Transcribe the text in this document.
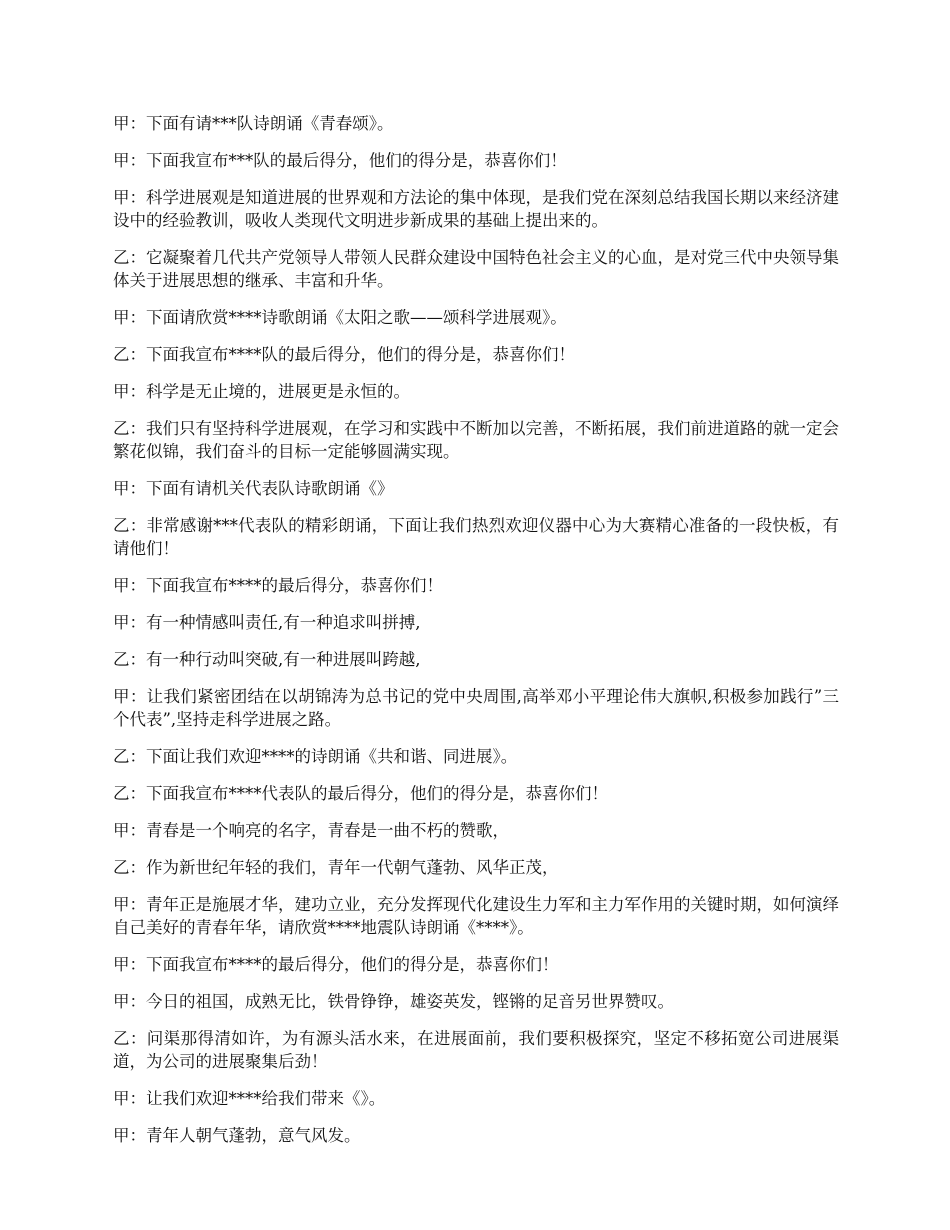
甲：下面有请***队诗朗诵《青春颂》。

甲：下面我宣布***队的最后得分，他们的得分是，恭喜你们！

甲：科学进展观是知道进展的世界观和方法论的集中体现，是我们党在深刻总结我国长期以来经济建设中的经验教训，吸收人类现代文明进步新成果的基础上提出来的。

乙：它凝聚着几代共产党领导人带领人民群众建设中国特色社会主义的心血，是对党三代中央领导集体关于进展思想的继承、丰富和升华。

甲：下面请欣赏****诗歌朗诵《太阳之歌——颂科学进展观》。

乙：下面我宣布****队的最后得分，他们的得分是，恭喜你们！

甲：科学是无止境的，进展更是永恒的。

乙：我们只有坚持科学进展观，在学习和实践中不断加以完善，不断拓展，我们前进道路的就一定会繁花似锦，我们奋斗的目标一定能够圆满实现。

甲：下面有请机关代表队诗歌朗诵《》

乙：非常感谢***代表队的精彩朗诵，下面让我们热烈欢迎仪器中心为大赛精心准备的一段快板，有请他们！

甲：下面我宣布****的最后得分，恭喜你们！

甲：有一种情感叫责任,有一种追求叫拼搏,

乙：有一种行动叫突破,有一种进展叫跨越,

甲：让我们紧密团结在以胡锦涛为总书记的党中央周围,高举邓小平理论伟大旗帜,积极参加践行”三个代表”,坚持走科学进展之路。

乙：下面让我们欢迎****的诗朗诵《共和谐、同进展》。

乙：下面我宣布****代表队的最后得分，他们的得分是，恭喜你们！

甲：青春是一个响亮的名字，青春是一曲不朽的赞歌，

乙：作为新世纪年轻的我们，青年一代朝气蓬勃、风华正茂，

甲：青年正是施展才华，建功立业，充分发挥现代化建设生力军和主力军作用的关键时期，如何演绎自己美好的青春年华，请欣赏****地震队诗朗诵《****》。

甲：下面我宣布****的最后得分，他们的得分是，恭喜你们！

甲：今日的祖国，成熟无比，铁骨铮铮，雄姿英发，铿锵的足音另世界赞叹。

乙：问渠那得清如许，为有源头活水来，在进展面前，我们要积极探究，坚定不移拓宽公司进展渠道，为公司的进展聚集后劲！

甲：让我们欢迎****给我们带来《》。

甲：青年人朝气蓬勃，意气风发。
